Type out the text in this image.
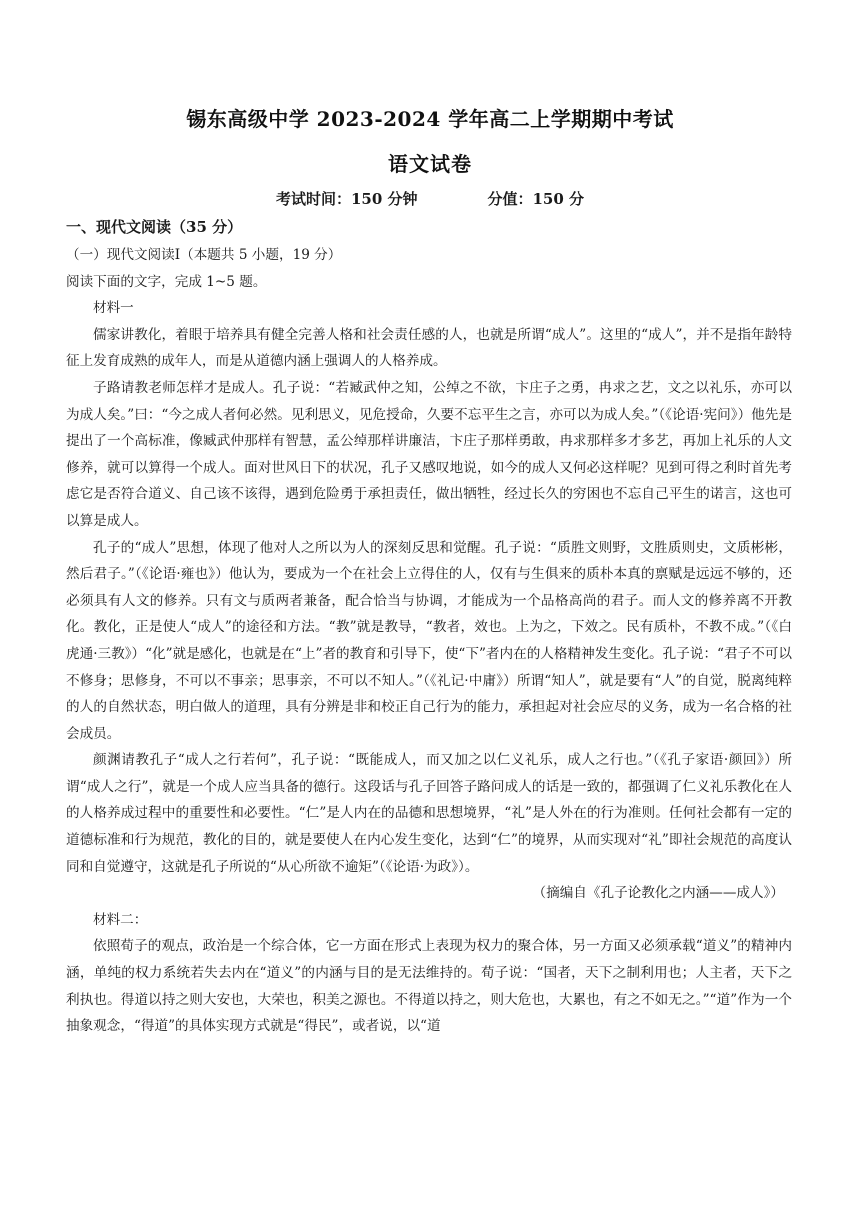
锡东高级中学 2023-2024 学年高二上学期期中考试
语文试卷
考试时间：150 分钟	分值：150 分
一、现代文阅读（35 分）

（一）现代文阅读Ⅰ（本题共 5 小题，19 分）

阅读下面的文字，完成 1~5 题。

材料一

儒家讲教化，着眼于培养具有健全完善人格和社会责任感的人，也就是所谓“成人”。这里的“成人”，并不是指年龄特征上发育成熟的成年人，而是从道德内涵上强调人的人格养成。

子路请教老师怎样才是成人。孔子说：“若臧武仲之知，公绰之不欲，卞庄子之勇，冉求之艺，文之以礼乐，亦可以为成人矣。”曰：“今之成人者何必然。见利思义，见危授命，久要不忘平生之言，亦可以为成人矣。”（《论语·宪问》）他先是提出了一个高标准，像臧武仲那样有智慧，孟公绰那样讲廉洁，卞庄子那样勇敢，冉求那样多才多艺，再加上礼乐的人文修养，就可以算得一个成人。面对世风日下的状况，孔子又感叹地说，如今的成人又何必这样呢？见到可得之利时首先考虑它是否符合道义、自己该不该得，遇到危险勇于承担责任，做出牺牲，经过长久的穷困也不忘自己平生的诺言，这也可以算是成人。

孔子的“成人”思想，体现了他对人之所以为人的深刻反思和觉醒。孔子说：“质胜文则野，文胜质则史，文质彬彬，然后君子。”（《论语·雍也》）他认为，要成为一个在社会上立得住的人，仅有与生俱来的质朴本真的禀赋是远远不够的，还必须具有人文的修养。只有文与质两者兼备，配合恰当与协调，才能成为一个品格高尚的君子。而人文的修养离不开教化。教化，正是使人“成人”的途径和方法。“教”就是教导，“教者，效也。上为之，下效之。民有质朴，不教不成。”（《白虎通·三教》）“化”就是感化，也就是在“上”者的教育和引导下，使“下”者内在的人格精神发生变化。孔子说：“君子不可以不修身；思修身，不可以不事亲；思事亲，不可以不知人。”（《礼记·中庸》）所谓“知人”，就是要有“人”的自觉，脱离纯粹的人的自然状态，明白做人的道理，具有分辨是非和校正自己行为的能力，承担起对社会应尽的义务，成为一名合格的社会成员。

颜渊请教孔子“成人之行若何”，孔子说：“既能成人，而又加之以仁义礼乐，成人之行也。”（《孔子家语·颜回》）所谓“成人之行”，就是一个成人应当具备的德行。这段话与孔子回答子路问成人的话是一致的，都强调了仁义礼乐教化在人的人格养成过程中的重要性和必要性。“仁”是人内在的品德和思想境界，“礼”是人外在的行为准则。任何社会都有一定的道德标准和行为规范，教化的目的，就是要使人在内心发生变化，达到“仁”的境界，从而实现对“礼”即社会规范的高度认同和自觉遵守，这就是孔子所说的“从心所欲不逾矩”（《论语·为政》）。

（摘编自《孔子论教化之内涵——成人》）

材料二：

依照荀子的观点，政治是一个综合体，它一方面在形式上表现为权力的聚合体，另一方面又必须承载“道义”的精神内涵，单纯的权力系统若失去内在“道义”的内涵与目的是无法维持的。荀子说：“国者，天下之制利用也；人主者，天下之利执也。得道以持之则大安也，大荣也，积美之源也。不得道以持之，则大危也，大累也，有之不如无之。”“道”作为一个抽象观念，“得道”的具体实现方式就是“得民”，或者说，以“道
